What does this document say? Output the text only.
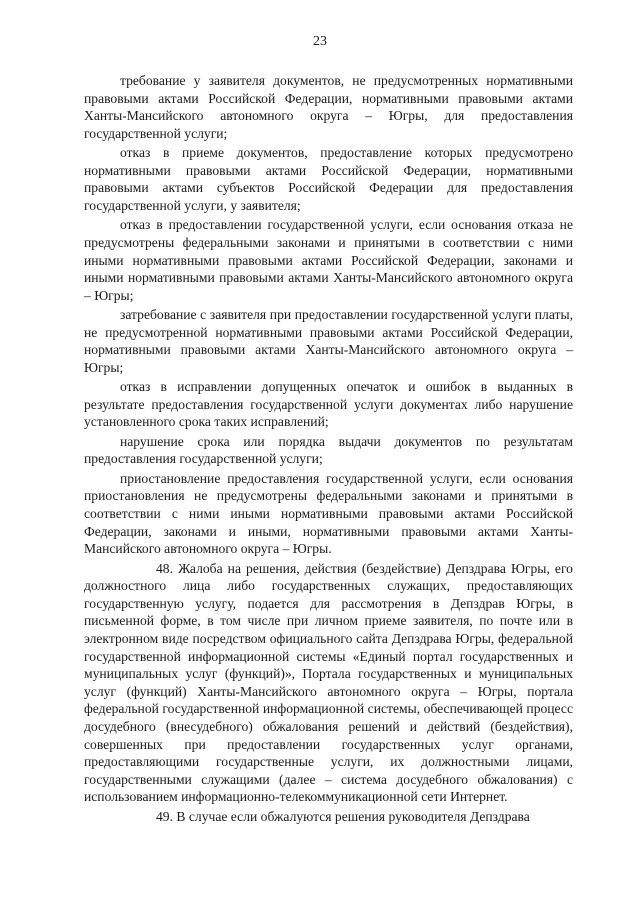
23

требование у заявителя документов, не предусмотренных нормативными правовыми актами Российской Федерации, нормативными правовыми актами Ханты-Мансийского автономного округа – Югры, для предоставления государственной услуги;

отказ в приеме документов, предоставление которых предусмотрено нормативными правовыми актами Российской Федерации, нормативными правовыми актами субъектов Российской Федерации для предоставления государственной услуги, у заявителя;

отказ в предоставлении государственной услуги, если основания отказа не предусмотрены федеральными законами и принятыми в соответствии с ними иными нормативными правовыми актами Российской Федерации, законами и иными нормативными правовыми актами Ханты-Мансийского автономного округа – Югры;

затребование с заявителя при предоставлении государственной услуги платы, не предусмотренной нормативными правовыми актами Российской Федерации, нормативными правовыми актами Ханты-Мансийского автономного округа – Югры;

отказ в исправлении допущенных опечаток и ошибок в выданных в результате предоставления государственной услуги документах либо нарушение установленного срока таких исправлений;

нарушение срока или порядка выдачи документов по результатам предоставления государственной услуги;

приостановление предоставления государственной услуги, если основания приостановления не предусмотрены федеральными законами и принятыми в соответствии с ними иными нормативными правовыми актами Российской Федерации, законами и иными, нормативными правовыми актами Ханты-Мансийского автономного округа – Югры.

48. Жалоба на решения, действия (бездействие) Депздрава Югры, его должностного лица либо государственных служащих, предоставляющих государственную услугу, подается для рассмотрения в Депздрав Югры, в письменной форме, в том числе при личном приеме заявителя, по почте или в электронном виде посредством официального сайта Депздрава Югры, федеральной государственной информационной системы «Единый портал государственных и муниципальных услуг (функций)», Портала государственных и муниципальных услуг (функций) Ханты-Мансийского автономного округа – Югры, портала федеральной государственной информационной системы, обеспечивающей процесс досудебного (внесудебного) обжалования решений и действий (бездействия), совершенных при предоставлении государственных услуг органами, предоставляющими государственные услуги, их должностными лицами, государственными служащими (далее – система досудебного обжалования) с использованием информационно-телекоммуникационной сети Интернет.

49. В случае если обжалуются решения руководителя Депздрава
